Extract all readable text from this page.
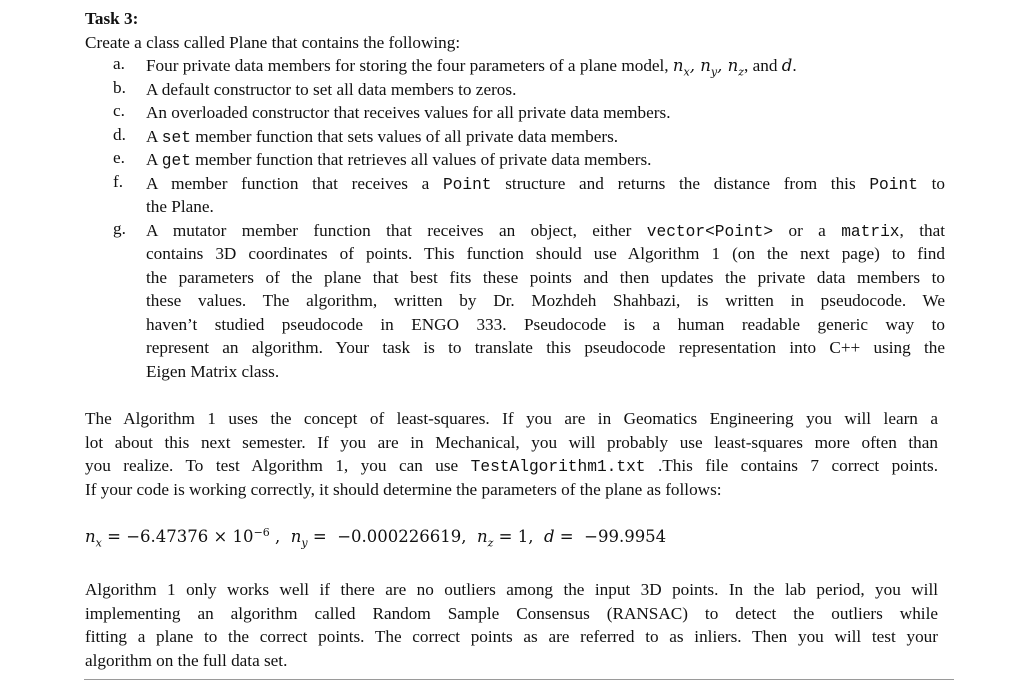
Task 3:
Create a class called Plane that contains the following:
a. Four private data members for storing the four parameters of a plane model, $n_x$, $n_y$, $n_z$, and d.
b. A default constructor to set all data members to zeros.
c. An overloaded constructor that receives values for all private data members.
d. A set member function that sets values of all private data members.
e. A get member function that retrieves all values of private data members.
f. A member function that receives a Point structure and returns the distance from this Point to
the Plane.
g. A mutator member function that receives an object, either vector<Point> or a matrix, that
contains 3D coordinates of points. This function should use Algorithm 1 (on the next page) to find
the parameters of the plane that best fits these points and then updates the private data members to
these values. The algorithm, written by Dr. Mozhdeh Shahbazi, is written in pseudocode. We
haven’t studied pseudocode in ENGO 333. Pseudocode is a human readable generic way to
represent an algorithm. Your task is to translate this pseudocode representation into C++ using the
Eigen Matrix class.
The Algorithm 1 uses the concept of least-squares. If you are in Geomatics Engineering you will learn a
lot about this next semester. If you are in Mechanical, you will probably use least-squares more often than
you realize. To test Algorithm 1, you can use TestAlgorithm1.txt .This file contains 7 correct points.
If your code is working correctly, it should determine the parameters of the plane as follows:
$n_x = -6.47376 \times 10^{-6}$ ,  $n_y = -0.000226619$, $n_z = 1$, d =  −99.9954
Algorithm 1 only works well if there are no outliers among the input 3D points. In the lab period, you will
implementing an algorithm called Random Sample Consensus (RANSAC) to detect the outliers while
fitting a plane to the correct points. The correct points as are referred to as inliers. Then you will test your
algorithm on the full data set.
